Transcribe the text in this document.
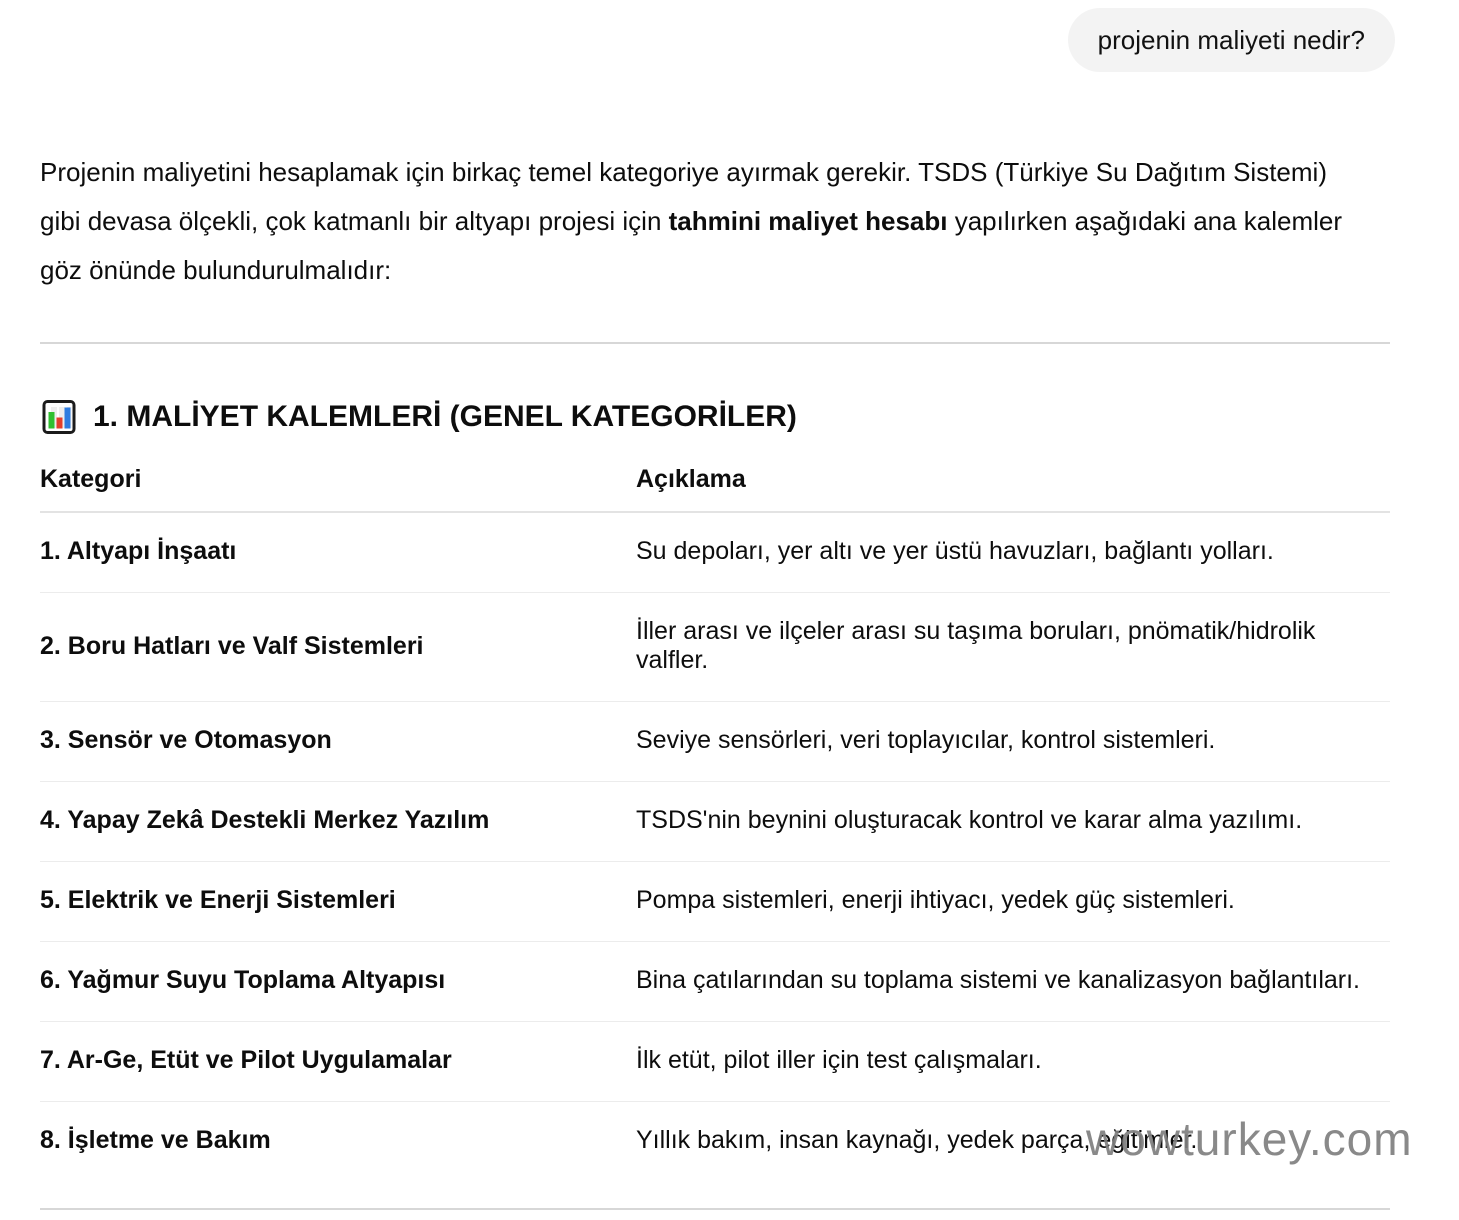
projenin maliyeti nedir?

Projenin maliyetini hesaplamak için birkaç temel kategoriye ayırmak gerekir. TSDS (Türkiye Su Dağıtım Sistemi) gibi devasa ölçekli, çok katmanlı bir altyapı projesi için tahmini maliyet hesabı yapılırken aşağıdaki ana kalemler göz önünde bulundurulmalıdır:

1. MALİYET KALEMLERİ (GENEL KATEGORİLER)
Kategori	Açıklama
1. Altyapı İnşaatı	Su depoları, yer altı ve yer üstü havuzları, bağlantı yolları.
2. Boru Hatları ve Valf Sistemleri	İller arası ve ilçeler arası su taşıma boruları, pnömatik/hidrolik valfler.
3. Sensör ve Otomasyon	Seviye sensörleri, veri toplayıcılar, kontrol sistemleri.
4. Yapay Zekâ Destekli Merkez Yazılım	TSDS'nin beynini oluşturacak kontrol ve karar alma yazılımı.
5. Elektrik ve Enerji Sistemleri	Pompa sistemleri, enerji ihtiyacı, yedek güç sistemleri.
6. Yağmur Suyu Toplama Altyapısı	Bina çatılarından su toplama sistemi ve kanalizasyon bağlantıları.
7. Ar-Ge, Etüt ve Pilot Uygulamalar	İlk etüt, pilot iller için test çalışmaları.
8. İşletme ve Bakım	Yıllık bakım, insan kaynağı, yedek parça, eğitimler.
wowturkey.com
